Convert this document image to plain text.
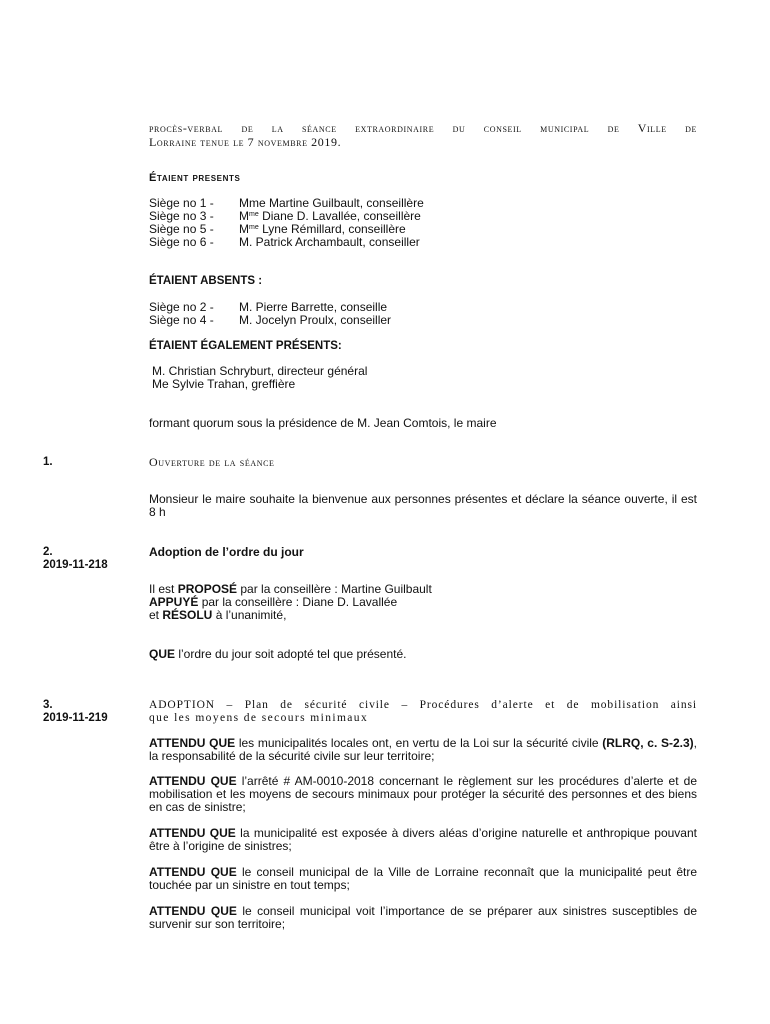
procès-verbal de la séance extraordinaire du conseil municipal de Ville de
Lorraine tenue le 7 novembre 2019.
Étaient presents
Siège no 1 -	Mme Martine Guilbault, conseillère
Siège no 3 -	$M^{me}$ Diane D. Lavallée, conseillère
Siège no 5 -	$M^{me}$ Lyne Rémillard, conseillère
Siège no 6 -	M. Patrick Archambault, conseiller
ÉTAIENT ABSENTS :
Siège no 2 -	M. Pierre Barrette, conseille
Siège no 4 -	M. Jocelyn Proulx, conseiller
ÉTAIENT ÉGALEMENT PRÉSENTS:
M. Christian Schryburt, directeur général
Me Sylvie Trahan, greffière
formant quorum sous la présidence de M. Jean Comtois, le maire
1.	Ouverture de la séance
Monsieur le maire souhaite la bienvenue aux personnes présentes et déclare la séance ouverte, il est 8 h
2.
2019-11-218
Adoption de l’ordre du jour
Il est PROPOSÉ par la conseillère : Martine Guilbault
APPUYÉ par la conseillère : Diane D. Lavallée
et RÉSOLU à l’unanimité,
QUE l’ordre du jour soit adopté tel que présenté.
3.
2019-11-219
ADOPTION – Plan de sécurité civile – Procédures d’alerte et de mobilisation ainsi
que les moyens de secours minimaux
ATTENDU QUE les municipalités locales ont, en vertu de la Loi sur la sécurité civile (RLRQ, c. S-2.3), la responsabilité de la sécurité civile sur leur territoire;
ATTENDU QUE l’arrêté # AM-0010-2018 concernant le règlement sur les procédures d’alerte et de mobilisation et les moyens de secours minimaux pour protéger la sécurité des personnes et des biens en cas de sinistre;
ATTENDU QUE la municipalité est exposée à divers aléas d’origine naturelle et anthropique pouvant être à l’origine de sinistres;
ATTENDU QUE le conseil municipal de la Ville de Lorraine reconnaît que la municipalité peut être touchée par un sinistre en tout temps;
ATTENDU QUE le conseil municipal voit l’importance de se préparer aux sinistres susceptibles de survenir sur son territoire;
